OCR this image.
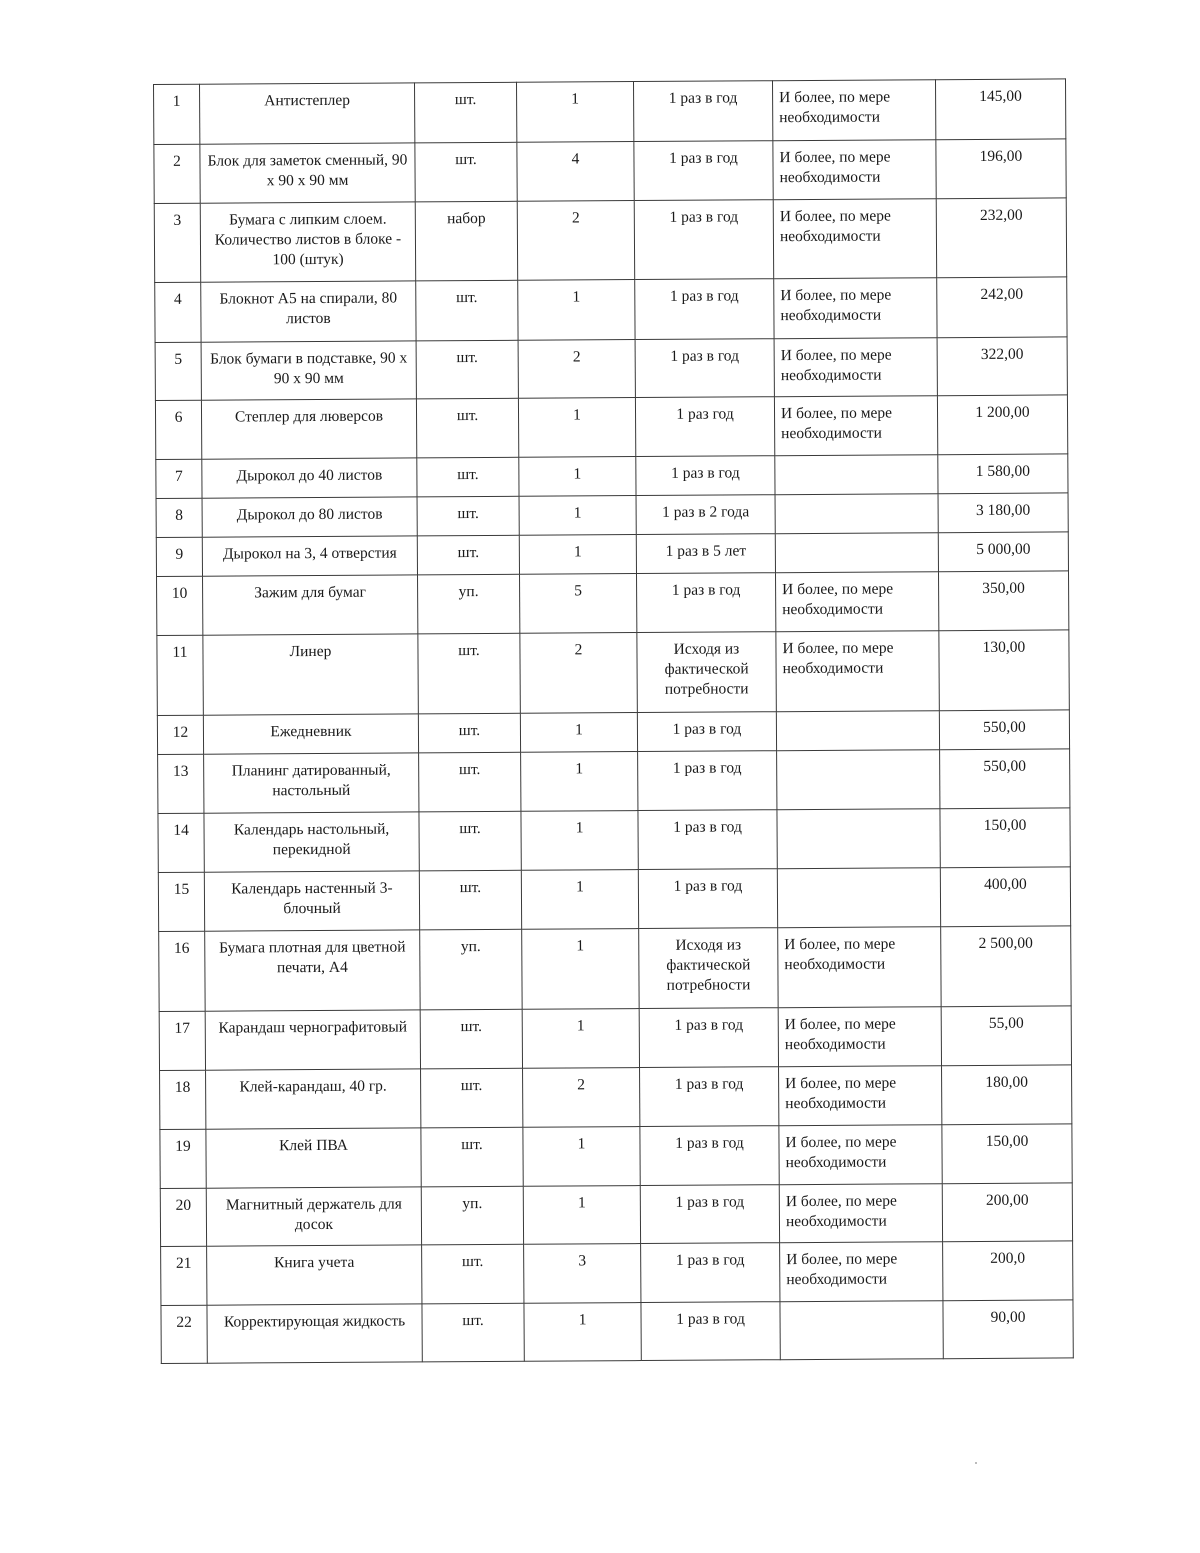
1	Антистеплер	шт.	1	1 раз в год	И более, по мере необходимости	145,00
2	Блок для заметок сменный, 90 х 90 х 90 мм	шт.	4	1 раз в год	И более, по мере необходимости	196,00
3	Бумага с липким слоем. Количество листов в блоке - 100 (штук)	набор	2	1 раз в год	И более, по мере необходимости	232,00
4	Блокнот А5 на спирали, 80 листов	шт.	1	1 раз в год	И более, по мере необходимости	242,00
5	Блок бумаги в подставке, 90 х 90 х 90 мм	шт.	2	1 раз в год	И более, по мере необходимости	322,00
6	Степлер для люверсов	шт.	1	1 раз год	И более, по мере необходимости	1 200,00
7	Дырокол до 40 листов	шт.	1	1 раз в год		1 580,00
8	Дырокол до 80 листов	шт.	1	1 раз в 2 года		3 180,00
9	Дырокол на 3, 4 отверстия	шт.	1	1 раз в 5 лет		5 000,00
10	Зажим для бумаг	уп.	5	1 раз в год	И более, по мере необходимости	350,00
11	Линер	шт.	2	Исходя из фактической потребности	И более, по мере необходимости	130,00
12	Ежедневник	шт.	1	1 раз в год		550,00
13	Планинг датированный, настольный	шт.	1	1 раз в год		550,00
14	Календарь настольный, перекидной	шт.	1	1 раз в год		150,00
15	Календарь настенный 3-блочный	шт.	1	1 раз в год		400,00
16	Бумага плотная для цветной печати, А4	уп.	1	Исходя из фактической потребности	И более, по мере необходимости	2 500,00
17	Карандаш чернографитовый	шт.	1	1 раз в год	И более, по мере необходимости	55,00
18	Клей-карандаш, 40 гр.	шт.	2	1 раз в год	И более, по мере необходимости	180,00
19	Клей ПВА	шт.	1	1 раз в год	И более, по мере необходимости	150,00
20	Магнитный держатель для досок	уп.	1	1 раз в год	И более, по мере необходимости	200,00
21	Книга учета	шт.	3	1 раз в год	И более, по мере необходимости	200,0
22	Корректирующая жидкость	шт.	1	1 раз в год		90,00
